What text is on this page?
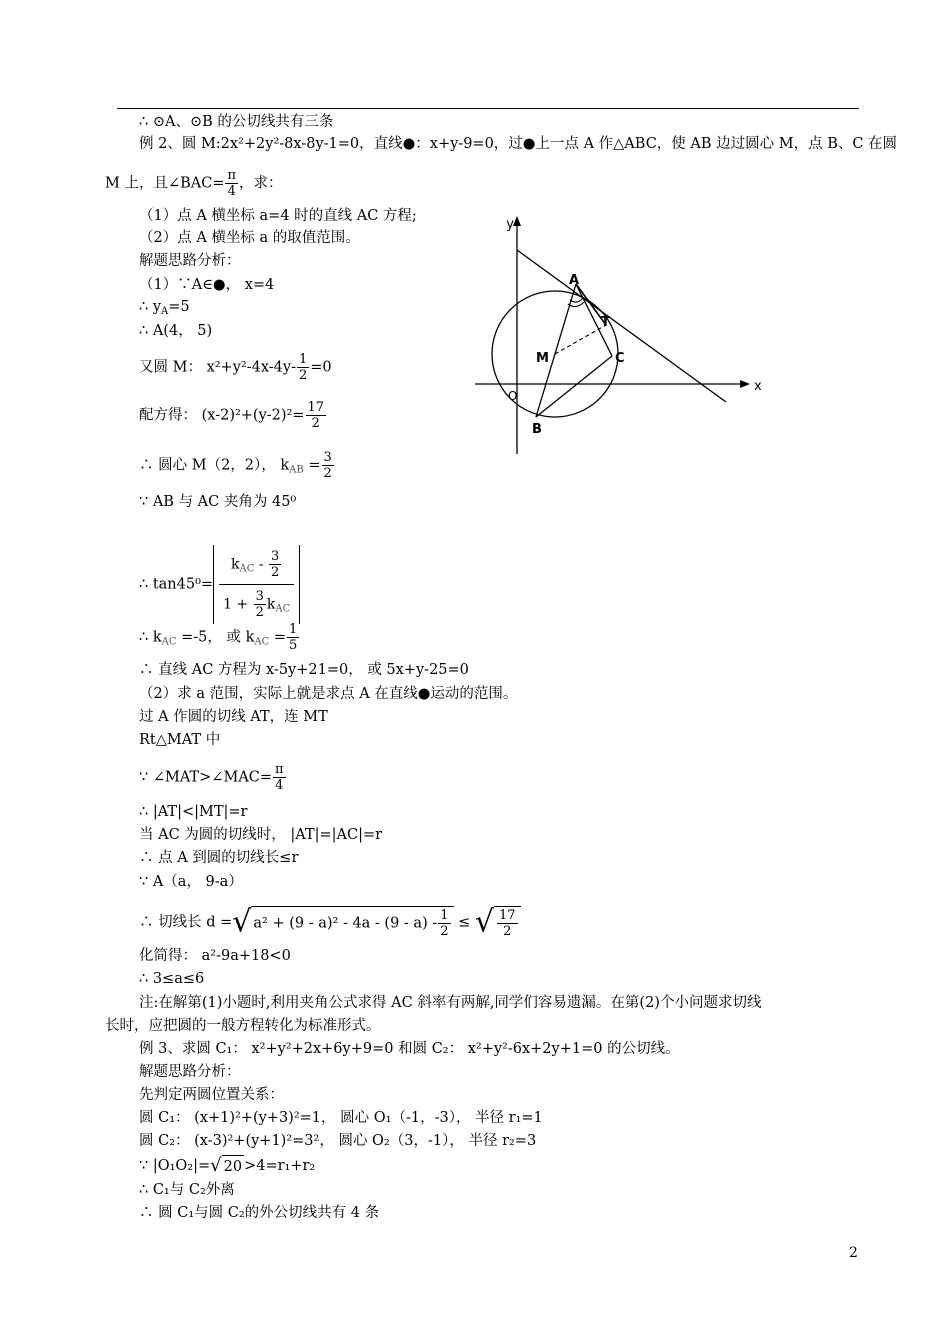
∴ ⊙A、⊙B 的公切线共有三条
例 2、圆 M:2x²+2y²-8x-8y-1=0，直线●：x+y-9=0，过●上一点 A 作△ABC，使 AB 边过圆心 M，点 B、C 在圆
M 上，且∠BAC= $\frac{\pi}{4}$ ，求：
（1）点 A 横坐标 a=4 时的直线 AC 方程;
（2）点 A 横坐标 a 的取值范围。
解题思路分析：
（1）∵A∈●， x=4
∴ $y_A=5$
∴ A(4， 5)
又圆 M： $x^2+y^2-4x-4y- \frac{1}{2} =0$
配方得： $(x-2)^2+(y-2)^2= \frac{17}{2}$
∴ 圆心 M（2，2）， $k_{AB} = \frac{3}{2}$
∵ AB 与 AC 夹角为 45⁰
∴ $\tan 45^0= \frac{k_{AC} - \frac{3}{2}}{1 + \frac{3}{2} k_{AC}}$
∴ $k_{AC} =-5$， 或 $k_{AC} = \frac{1}{5}$
∴ 直线 AC 方程为 x-5y+21=0， 或 5x+y-25=0
（2）求 a 范围，实际上就是求点 A 在直线●运动的范围。
过 A 作圆的切线 AT，连 MT
Rt△MAT 中
∵ ∠MAT>∠MAC= $\frac{\pi}{4}$
∴ |AT|<|MT|=r
当 AC 为圆的切线时， |AT|=|AC|=r
∴ 点 A 到圆的切线长≤r
∵ A（a， 9-a）
∴ 切线长 d =√ $a^2 + (9 - a)^2 - 4a - (9 - a) - \frac{1}{2}$ ≤ √ $\frac{17}{2}$
化简得： a²-9a+18<0
∴ 3≤a≤6
注:在解第(1)小题时,利用夹角公式求得 AC 斜率有两解,同学们容易遗漏。在第(2)个小问题求切线
长时，应把圆的一般方程转化为标准形式。
例 3、求圆 C₁： x²+y²+2x+6y+9=0 和圆 C₂： x²+y²-6x+2y+1=0 的公切线。
解题思路分析：
先判定两圆位置关系：
圆 C₁： (x+1)²+(y+3)²=1， 圆心 O₁（-1，-3）， 半径 r₁=1
圆 C₂： (x-3)²+(y+1)²=3²， 圆心 O₂（3，-1）， 半径 r₂=3
∵ |O₁O₂|=√ 20 >4=r₁+r₂
∴ C₁与 C₂外离
∴ 圆 C₁与圆 C₂的外公切线共有 4 条
y
x
O
A
B
C
M
T
2
